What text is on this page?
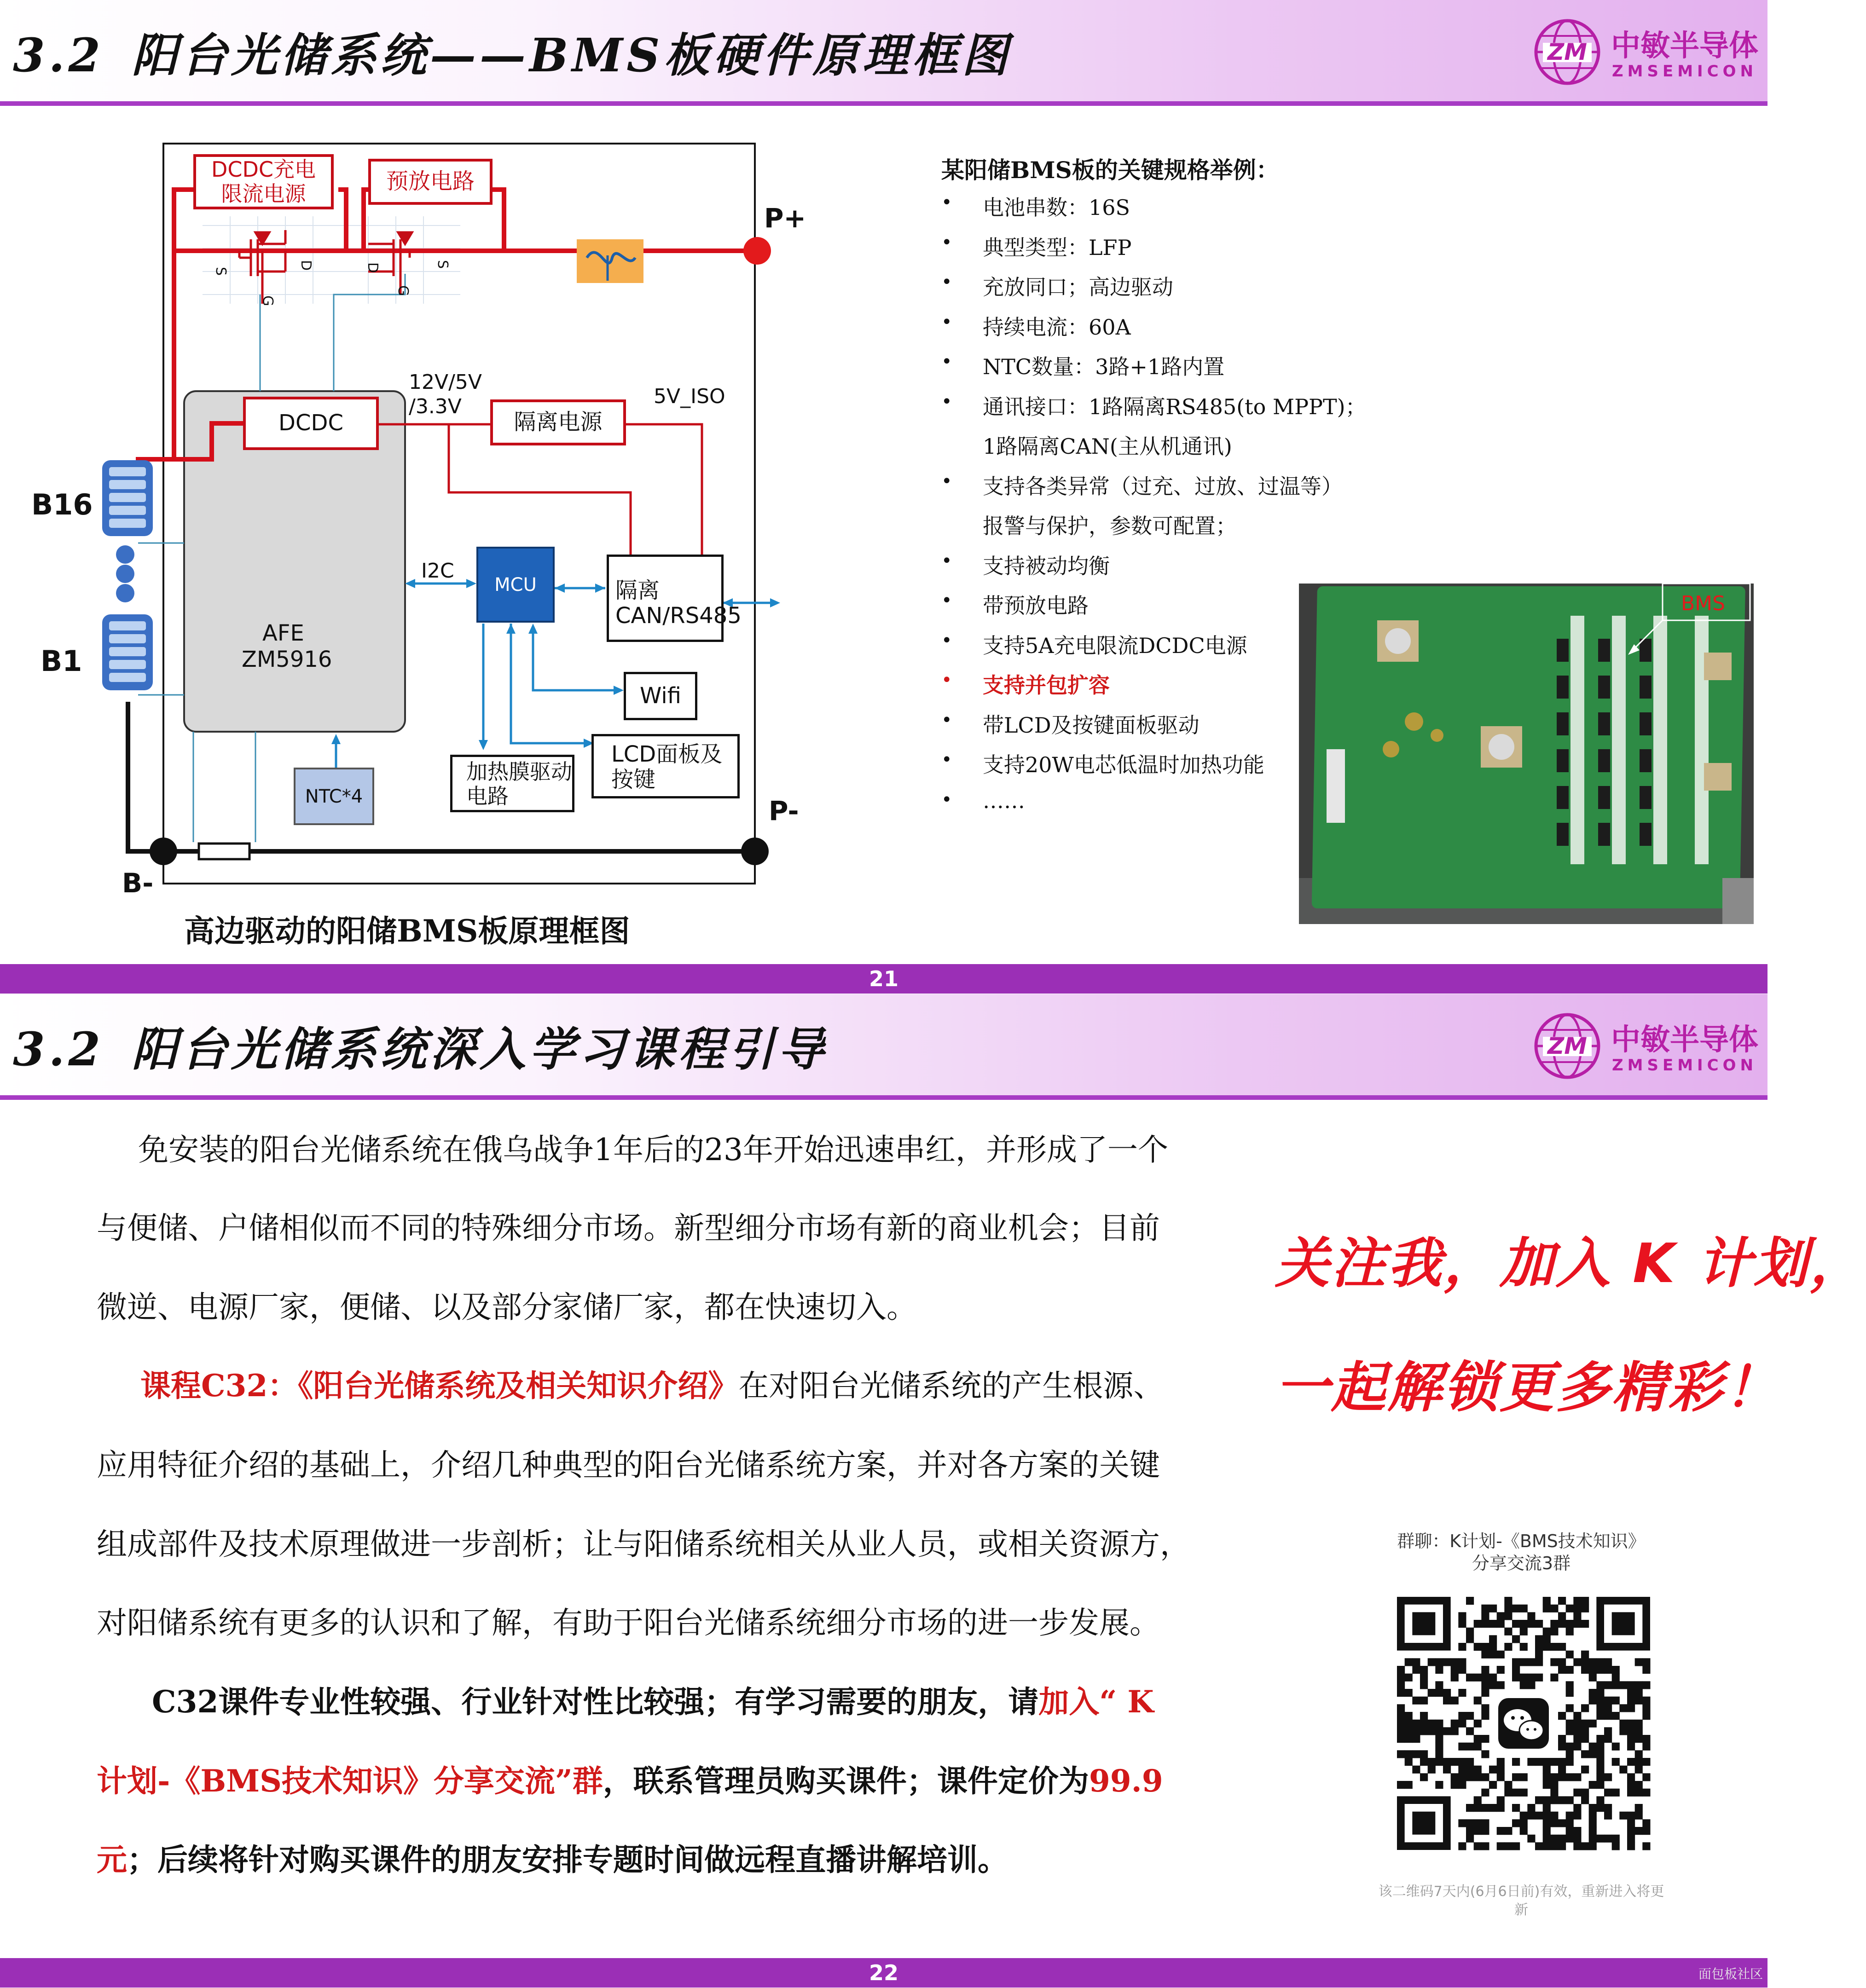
3.2 阳台光储系统——BMS板硬件原理框图	ZM 中敏半导体
ZMSEMICON
S
D
G
D	S
G
DCDC充电限流电源	预放电路
DCDC	隔离电源
MCU	隔离CAN/RS485
Wifi
LCD面板及按键
加热膜驱动电路
NTC*4
AFE
ZM5916
P+
P-
B-
B16
B1
12V/5V /3.3V	5V_ISO
I2C
高边驱动的阳储BMS板原理框图
某阳储BMS板的关键规格举例：
• 电池串数：16S
• 典型类型：LFP
• 充放同口；高边驱动
• 持续电流：60A
• NTC数量：3路+1路内置
• 通讯接口：1路隔离RS485(to MPPT)；
1路隔离CAN(主从机通讯)
• 支持各类异常（过充、过放、过温等）
报警与保护，参数可配置；
• 支持被动均衡
• 带预放电路
• 支持5A充电限流DCDC电源
• 支持并包扩容
• 带LCD及按键面板驱动
• 支持20W电芯低温时加热功能
• ……
BMS
21
3.2 阳台光储系统深入学习课程引导	ZM 中敏半导体
ZMSEMICON
免安装的阳台光储系统在俄乌战争1年后的23年开始迅速串红，并形成了一个
与便储、户储相似而不同的特殊细分市场。新型细分市场有新的商业机会；目前
微逆、电源厂家，便储、以及部分家储厂家，都在快速切入。
课程C32：《阳台光储系统及相关知识介绍》在对阳台光储系统的产生根源、
应用特征介绍的基础上，介绍几种典型的阳台光储系统方案，并对各方案的关键
组成部件及技术原理做进一步剖析；让与阳储系统相关从业人员，或相关资源方，
对阳储系统有更多的认识和了解，有助于阳台光储系统细分市场的进一步发展。
C32课件专业性较强、行业针对性比较强；有学习需要的朋友，请加入“ K
计划-《BMS技术知识》分享交流”群，联系管理员购买课件；课件定价为99.9
元；后续将针对购买课件的朋友安排专题时间做远程直播讲解培训。
关注我，加入 K 计划，
一起解锁更多精彩！
群聊：K计划-《BMS技术知识》
分享交流3群
该二维码7天内(6月6日前)有效，重新进入将更
新
22	面包板社区
